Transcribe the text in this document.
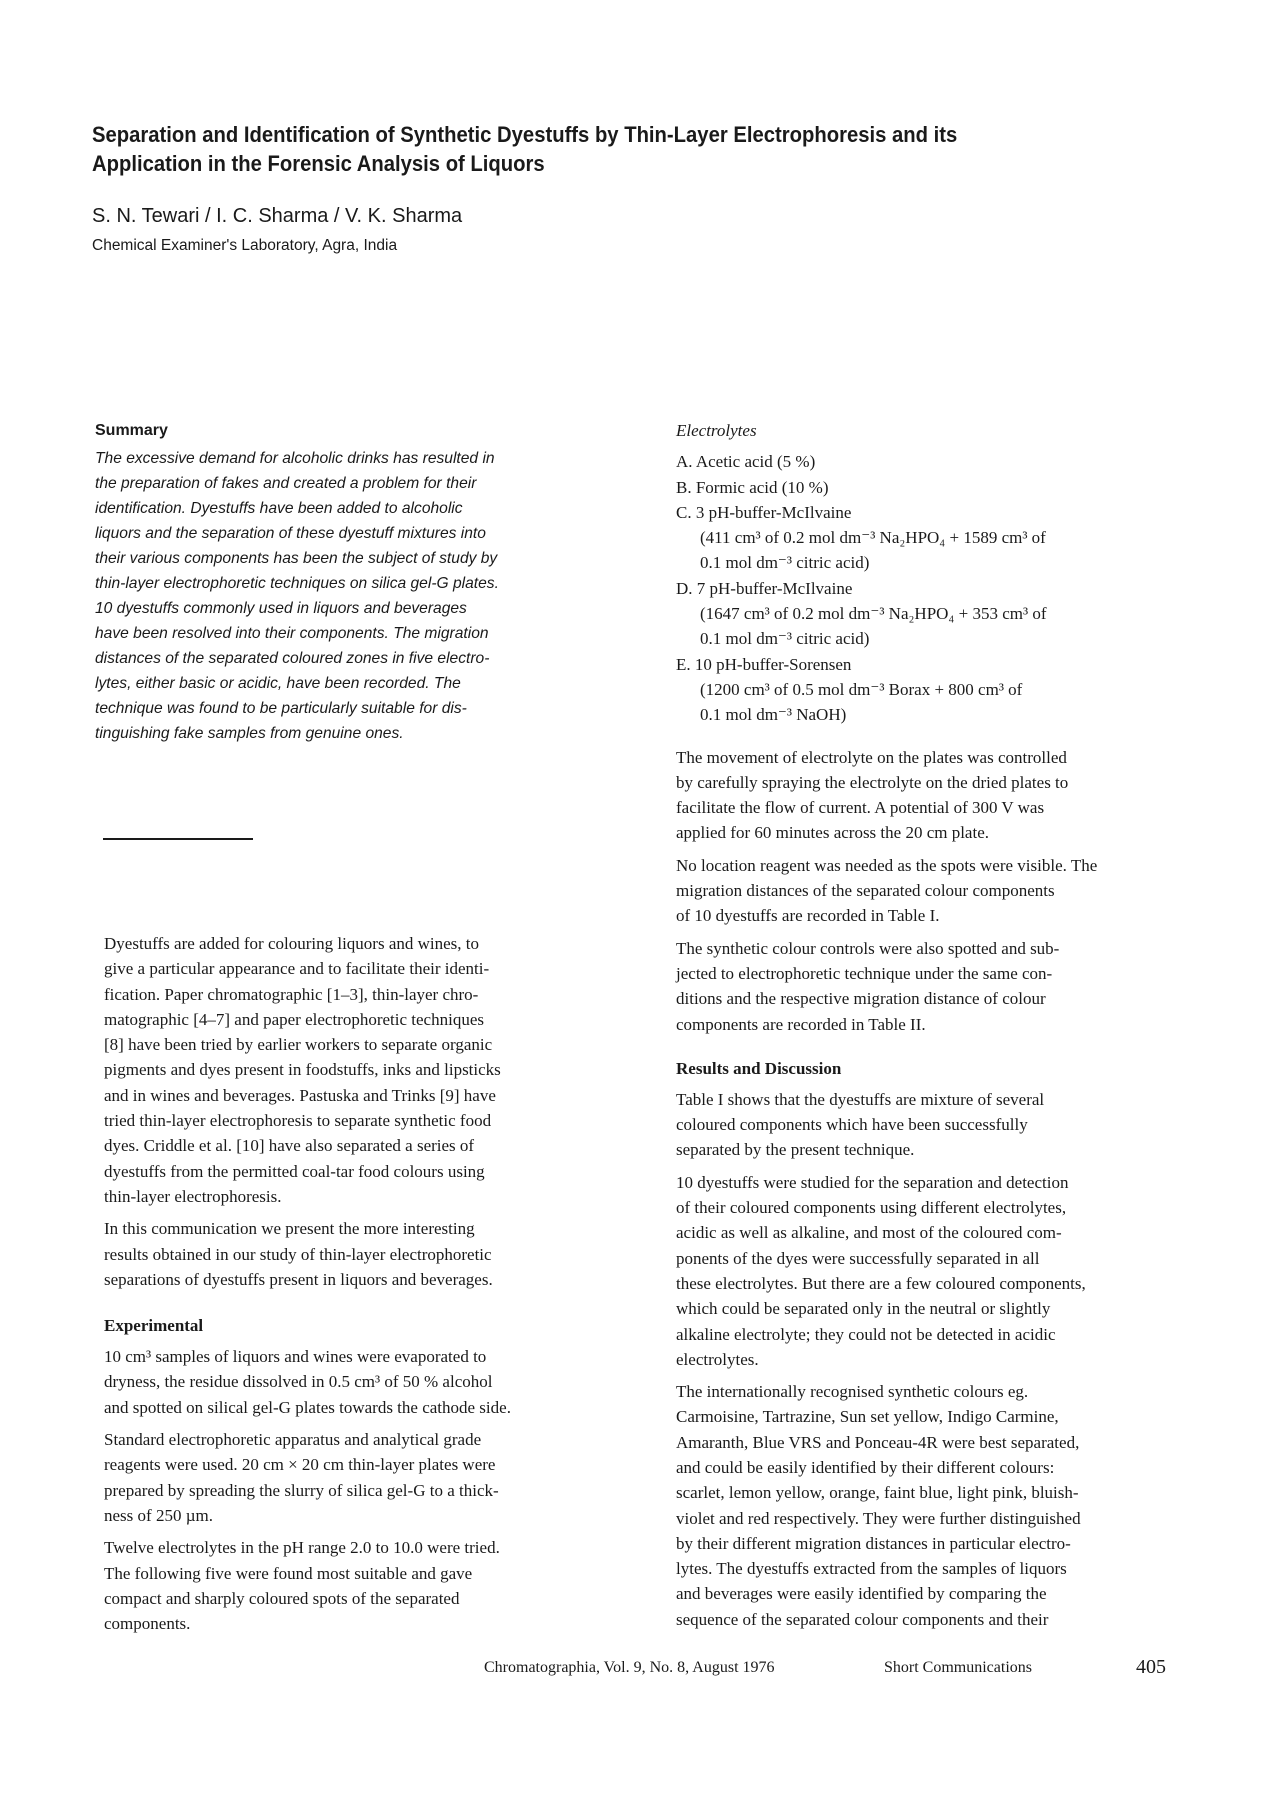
Separation and Identification of Synthetic Dyestuffs by Thin-Layer Electrophoresis and its Application in the Forensic Analysis of Liquors
S. N. Tewari / I. C. Sharma / V. K. Sharma
Chemical Examiner's Laboratory, Agra, India
Summary
The excessive demand for alcoholic drinks has resulted in
the preparation of fakes and created a problem for their
identification. Dyestuffs have been added to alcoholic
liquors and the separation of these dyestuff mixtures into
their various components has been the subject of study by
thin-layer electrophoretic techniques on silica gel-G plates.
10 dyestuffs commonly used in liquors and beverages
have been resolved into their components. The migration
distances of the separated coloured zones in five electro-
lytes, either basic or acidic, have been recorded. The
technique was found to be particularly suitable for dis-
tinguishing fake samples from genuine ones.
Dyestuffs are added for colouring liquors and wines, to
give a particular appearance and to facilitate their identi-
fication. Paper chromatographic [1–3], thin-layer chro-
matographic [4–7] and paper electrophoretic techniques
[8] have been tried by earlier workers to separate organic
pigments and dyes present in foodstuffs, inks and lipsticks
and in wines and beverages. Pastuska and Trinks [9] have
tried thin-layer electrophoresis to separate synthetic food
dyes. Criddle et al. [10] have also separated a series of
dyestuffs from the permitted coal-tar food colours using
thin-layer electrophoresis.
In this communication we present the more interesting
results obtained in our study of thin-layer electrophoretic
separations of dyestuffs present in liquors and beverages.
Experimental
10 cm³ samples of liquors and wines were evaporated to
dryness, the residue dissolved in 0.5 cm³ of 50 % alcohol
and spotted on silical gel-G plates towards the cathode side.
Standard electrophoretic apparatus and analytical grade
reagents were used. 20 cm × 20 cm thin-layer plates were
prepared by spreading the slurry of silica gel-G to a thick-
ness of 250 µm.
Twelve electrolytes in the pH range 2.0 to 10.0 were tried.
The following five were found most suitable and gave
compact and sharply coloured spots of the separated
components.
Electrolytes
A. Acetic acid (5 %)
B. Formic acid (10 %)
C. 3 pH-buffer-McIlvaine
(411 cm³ of 0.2 mol dm⁻³ Na₂HPO₄ + 1589 cm³ of
0.1 mol dm⁻³ citric acid)
D. 7 pH-buffer-McIlvaine
(1647 cm³ of 0.2 mol dm⁻³ Na₂HPO₄ + 353 cm³ of
0.1 mol dm⁻³ citric acid)
E. 10 pH-buffer-Sorensen
(1200 cm³ of 0.5 mol dm⁻³ Borax + 800 cm³ of
0.1 mol dm⁻³ NaOH)
The movement of electrolyte on the plates was controlled
by carefully spraying the electrolyte on the dried plates to
facilitate the flow of current. A potential of 300 V was
applied for 60 minutes across the 20 cm plate.
No location reagent was needed as the spots were visible. The
migration distances of the separated colour components
of 10 dyestuffs are recorded in Table I.
The synthetic colour controls were also spotted and sub-
jected to electrophoretic technique under the same con-
ditions and the respective migration distance of colour
components are recorded in Table II.
Results and Discussion
Table I shows that the dyestuffs are mixture of several
coloured components which have been successfully
separated by the present technique.
10 dyestuffs were studied for the separation and detection
of their coloured components using different electrolytes,
acidic as well as alkaline, and most of the coloured com-
ponents of the dyes were successfully separated in all
these electrolytes. But there are a few coloured components,
which could be separated only in the neutral or slightly
alkaline electrolyte; they could not be detected in acidic
electrolytes.
The internationally recognised synthetic colours eg.
Carmoisine, Tartrazine, Sun set yellow, Indigo Carmine,
Amaranth, Blue VRS and Ponceau-4R were best separated,
and could be easily identified by their different colours:
scarlet, lemon yellow, orange, faint blue, light pink, bluish-
violet and red respectively. They were further distinguished
by their different migration distances in particular electro-
lytes. The dyestuffs extracted from the samples of liquors
and beverages were easily identified by comparing the
sequence of the separated colour components and their
Chromatographia, Vol. 9, No. 8, August 1976	Short Communications	405
